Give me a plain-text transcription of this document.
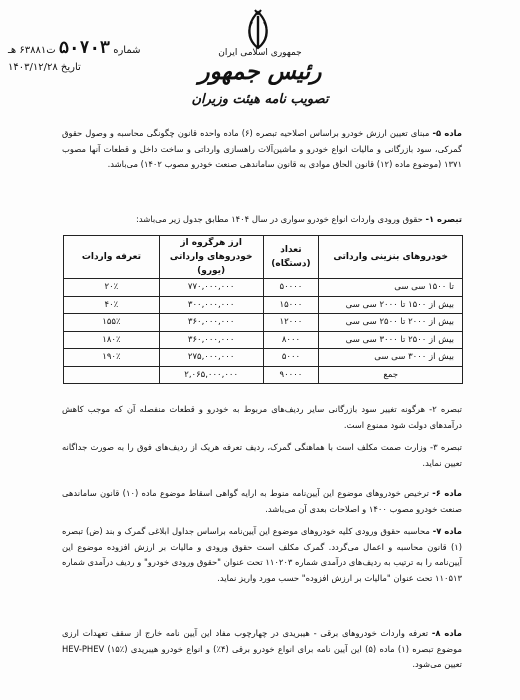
جمهوری اسلامی ایران
رئیس جمهور
تصویب نامه هیئت وزیران
شماره ۵۰۷۰۳ ت۶۳۸۸۱ هـ
تاریخ ۱۴۰۳/۱۲/۲۸
ماده ۵- مبنای تعیین ارزش خودرو براساس اصلاحیه تبصره (۶) ماده واحده قانون چگونگی محاسبه و وصول حقوق گمرکی، سود بازرگانی و مالیات انواع خودرو و ماشین‌آلات راهسازی وارداتی و ساخت داخل و قطعات آنها مصوب ۱۳۷۱ (موضوع ماده (۱۲) قانون الحاق موادی به قانون ساماندهی صنعت خودرو مصوب ۱۴۰۲) می‌باشد.
تبصره ۱- حقوق ورودی واردات انواع خودرو سواری در سال ۱۴۰۴ مطابق جدول زیر می‌باشد:
خودروهای بنزینی وارداتی	تعداد (دستگاه)	ارز هرگروه از خودروهای وارداتی (یورو)	تعرفه واردات
تا ۱۵۰۰ سی سی	۵۰۰۰۰	۷۷۰,۰۰۰,۰۰۰	۲۰٪
بیش از ۱۵۰۰ تا ۲۰۰۰ سی سی	۱۵۰۰۰	۳۰۰,۰۰۰,۰۰۰	۴۰٪
بیش از ۲۰۰۰ تا ۲۵۰۰ سی سی	۱۲۰۰۰	۳۶۰,۰۰۰,۰۰۰	۱۵۵٪
بیش از ۲۵۰۰ تا ۳۰۰۰ سی سی	۸۰۰۰	۳۶۰,۰۰۰,۰۰۰	۱۸۰٪
بیش از ۳۰۰۰ سی سی	۵۰۰۰	۲۷۵,۰۰۰,۰۰۰	۱۹۰٪
جمع	۹۰۰۰۰	۲,۰۶۵,۰۰۰,۰۰۰	
تبصره ۲- هرگونه تغییر سود بازرگانی سایر ردیف‌های مربوط به خودرو و قطعات منفصله آن که موجب کاهش درآمدهای دولت شود ممنوع است.
تبصره ۳- وزارت صمت مکلف است با هماهنگی گمرک، ردیف تعرفه هریک از ردیف‌های فوق را به صورت جداگانه تعیین نماید.
ماده ۶- ترخیص خودروهای موضوع این آیین‌نامه منوط به ارایه گواهی اسقاط موضوع ماده (۱۰) قانون ساماندهی صنعت خودرو مصوب ۱۴۰۰ و اصلاحات بعدی آن می‌باشد.
ماده ۷- محاسبه حقوق ورودی کلیه خودروهای موضوع این آیین‌نامه براساس جداول ابلاغی گمرک و بند (ض) تبصره (۱) قانون محاسبه و اعمال می‌گردد. گمرک مکلف است حقوق ورودی و مالیات بر ارزش افزوده موضوع این آیین‌نامه را به ترتیب به ردیف‌های درآمدی شماره ۱۱۰۲۰۳ تحت عنوان "حقوق ورودی خودرو" و ردیف درآمدی شماره ۱۱۰۵۱۳ تحت عنوان "مالیات بر ارزش افزوده" حسب مورد واریز نماید.
ماده ۸- تعرفه واردات خودروهای برقی - هیبریدی در چهارچوب مفاد این آیین نامه خارج از سقف تعهدات ارزی موضوع تبصره (۱) ماده (۵) این آیین نامه برای انواع خودرو برقی (۴٪) و انواع خودرو هیبریدی HEV-PHEV (۱۵٪) تعیین می‌شود.
